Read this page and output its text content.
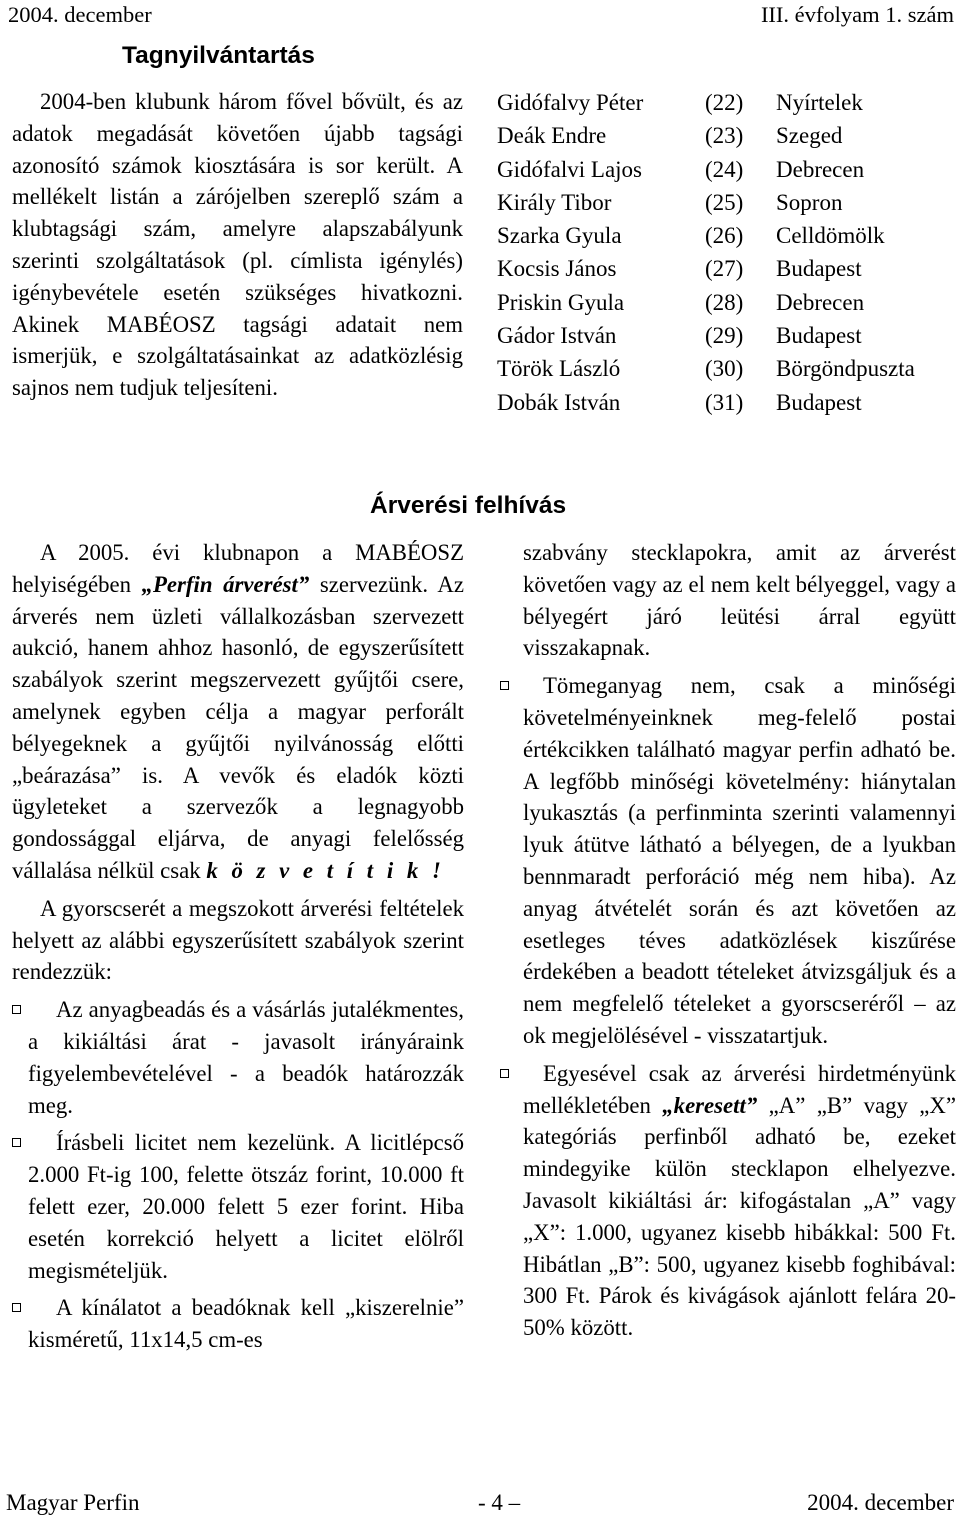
2004. december	III. évfolyam 1. szám
Tagnyilvántartás

2004-ben klubunk három fővel bővült, és az adatok megadását követően újabb tagsági azonosító számok kiosztására is sor került. A mellékelt listán a zárójelben szereplő szám a klubtagsági szám, amelyre alapszabályunk szerinti szolgáltatások (pl. címlista igénylés) igénybevétele esetén szükséges hivatkozni. Akinek MABÉOSZ tagsági adatait nem ismerjük, e szolgáltatásainkat az adatközlésig sajnos nem tudjuk teljesíteni.

Gidófalvy Péter	(22)	Nyírtelek
Deák Endre	(23)	Szeged
Gidófalvi Lajos	(24)	Debrecen
Király Tibor	(25)	Sopron
Szarka Gyula	(26)	Celldömölk
Kocsis János	(27)	Budapest
Priskin Gyula	(28)	Debrecen
Gádor István	(29)	Budapest
Török László	(30)	Börgöndpuszta
Dobák István	(31)	Budapest
Árverési felhívás

A 2005. évi klubnapon a MABÉOSZ helyiségében „Perfin árverést” szervezünk. Az árverés nem üzleti vállalkozásban szervezett aukció, hanem ahhoz hasonló, de egyszerűsített szabályok szerint megszervezett gyűjtői csere, amelynek egyben célja a magyar perforált bélyegeknek a gyűjtői nyilvánosság előtti „beárazása” is. A vevők és eladók közti ügyleteket a szervezők a legnagyobb gondossággal eljárva, de anyagi felelősség vállalása nélkül csak k ö z v e t í t i k !

A gyorscserét a megszokott árverési feltételek helyett az alábbi egyszerűsített szabályok szerint rendezzük:

Az anyagbeadás és a vásárlás jutalékmentes, a kikiáltási árat - javasolt irányáraink figyelembevételével - a beadók határozzák meg.
Írásbeli licitet nem kezelünk. A licitlépcső 2.000 Ft-ig 100, felette ötszáz forint, 10.000 ft felett ezer, 20.000 felett 5 ezer forint. Hiba esetén korrekció helyett a licitet elölről megismételjük.
A kínálatot a beadóknak kell „kiszerelnie” kisméretű, 11x14,5 cm-es

szabvány stecklapokra, amit az árverést követően vagy az el nem kelt bélyeggel, vagy a bélyegért járó leütési árral együtt visszakapnak.

Tömeganyag nem, csak a minőségi követelményeinknek meg-felelő postai értékcikken található magyar perfin adható be. A legfőbb minőségi követelmény: hiánytalan lyukasztás (a perfinminta szerinti valamennyi lyuk átütve látható a bélyegen, de a lyukban bennmaradt perforáció még nem hiba). Az anyag átvételét során és azt követően az esetleges téves adatközlések kiszűrése érdekében a beadott tételeket átvizsgáljuk és a nem megfelelő tételeket a gyorscseréről – az ok megjelölésével - visszatartjuk.
Egyesével csak az árverési hirdetményünk mellékletében „keresett” „A” „B” vagy „X” kategóriás perfinből adható be, ezeket mindegyike külön stecklapon elhelyezve. Javasolt kikiáltási ár: kifogástalan „A” vagy „X”: 1.000, ugyanez kisebb hibákkal: 500 Ft. Hibátlan „B”: 500, ugyanez kisebb foghibával: 300 Ft. Párok és kivágások ajánlott felára 20-50% között.
Magyar Perfin	- 4 –	2004. december
